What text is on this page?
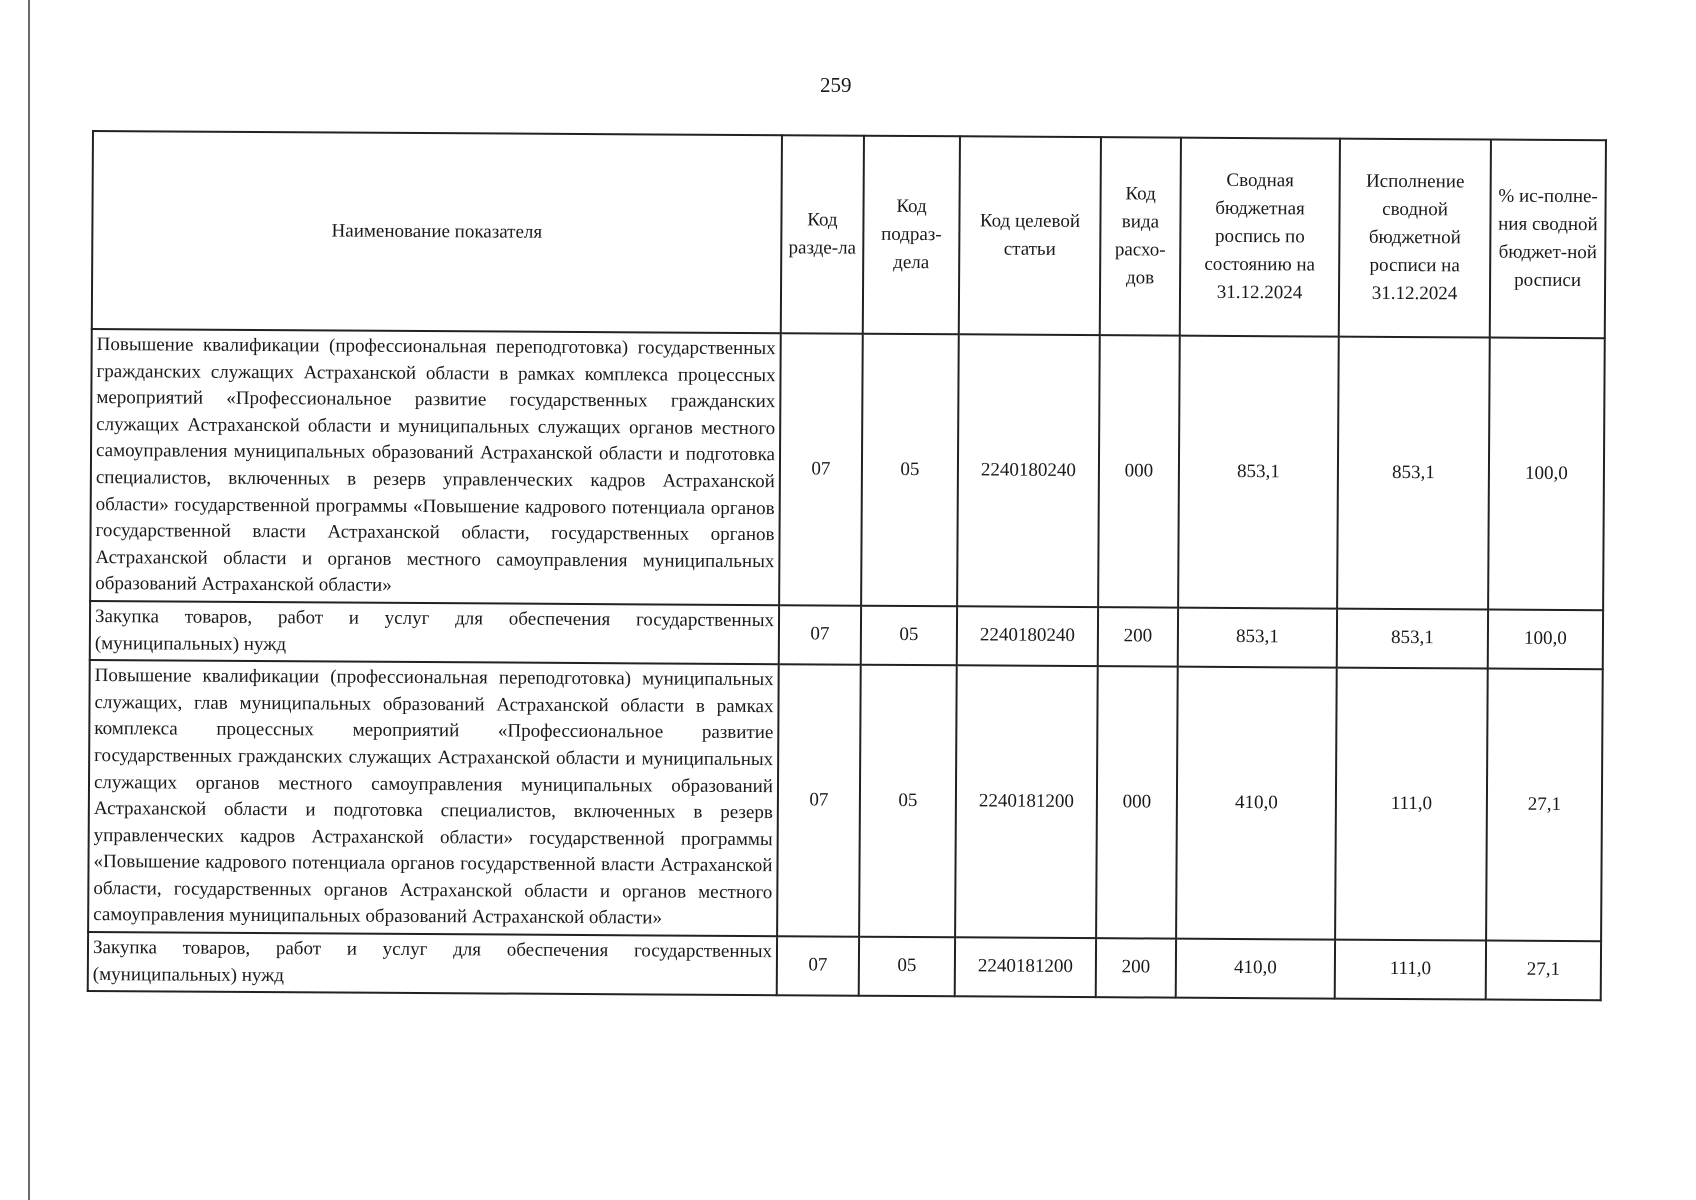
259
Наименование показателя	Код разде-ла	Код подраз-дела	Код целевой статьи	Код вида расхо-дов	Сводная бюджетная роспись по состоянию на 31.12.2024	Исполнение сводной бюджетной росписи на 31.12.2024	% ис-полне-ния сводной бюджет-ной росписи
Повышение квалификации (профессиональная переподготовка) государственных гражданских служащих Астраханской области в рамках комплекса процессных мероприятий «Профессиональное развитие государственных гражданских служащих Астраханской области и муниципальных служащих органов местного самоуправления муниципальных образований Астраханской области и подготовка специалистов, включенных в резерв управленческих кадров Астраханской области» государственной программы «Повышение кадрового потенциала органов государственной власти Астраханской области, государственных органов Астраханской области и органов местного самоуправления муниципальных образований Астраханской области»	07	05	2240180240	000	853,1	853,1	100,0
Закупка товаров, работ и услуг для обеспечения государственных (муниципальных) нужд	07	05	2240180240	200	853,1	853,1	100,0
Повышение квалификации (профессиональная переподготовка) муниципальных служащих, глав муниципальных образований Астраханской области в рамках комплекса процессных мероприятий «Профессиональное развитие государственных гражданских служащих Астраханской области и муниципальных служащих органов местного самоуправления муниципальных образований Астраханской области и подготовка специалистов, включенных в резерв управленческих кадров Астраханской области» государственной программы «Повышение кадрового потенциала органов государственной власти Астраханской области, государственных органов Астраханской области и органов местного самоуправления муниципальных образований Астраханской области»	07	05	2240181200	000	410,0	111,0	27,1
Закупка товаров, работ и услуг для обеспечения государственных (муниципальных) нужд	07	05	2240181200	200	410,0	111,0	27,1
